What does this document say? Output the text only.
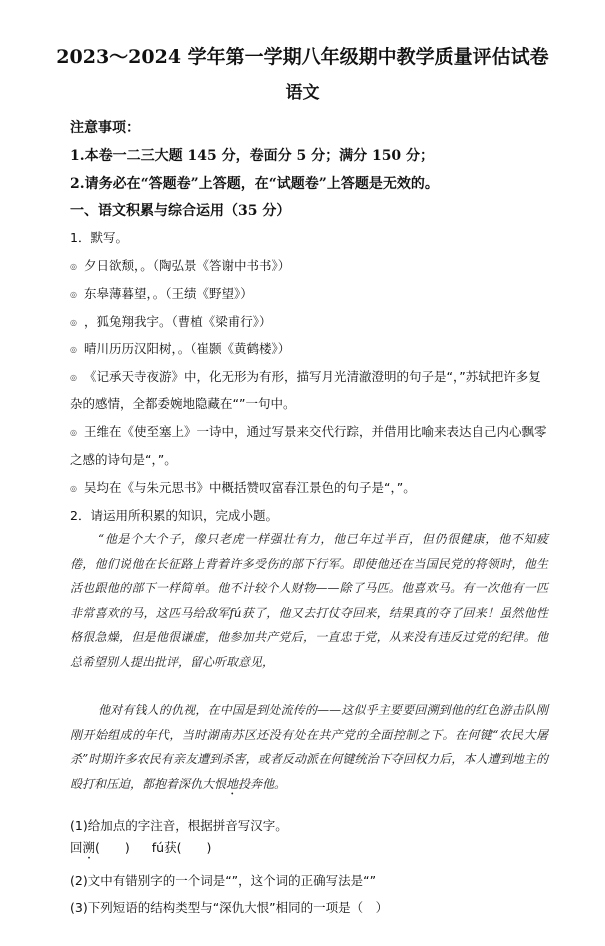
2023～2024 学年第一学期八年级期中教学质量评估试卷
语文
注意事项：
1.本卷一二三大题 145 分，卷面分 5 分；满分 150 分；
2.请务必在“答题卷”上答题，在“试题卷”上答题是无效的。
一、语文积累与综合运用（35 分）
1．默写。
◎ 夕日欲颓，。（陶弘景《答谢中书书》）
◎ 东皋薄暮望，。（王绩《野望》）
◎ ，狐兔翔我宇。（曹植《梁甫行》）
◎ 晴川历历汉阳树，。（崔颢《黄鹤楼》）
◎ 《记承天寺夜游》中，化无形为有形，描写月光清澈澄明的句子是“，”苏轼把许多复
杂的感情，全都委婉地隐藏在“”一句中。
◎ 王维在《使至塞上》一诗中，通过写景来交代行踪，并借用比喻来表达自己内心飘零
之感的诗句是“，”。
◎ 吴均在《与朱元思书》中概括赞叹富春江景色的句子是“，”。
2．请运用所积累的知识，完成小题。
“他是个大个子，像只老虎一样强壮有力，他已年过半百，但仍很健康，他不知疲倦，他们说他在长征路上背着许多受伤的部下行军。即使他还在当国民党的将领时，他生活也跟他的部下一样简单。他不计较个人财物——除了马匹。他喜欢马。有一次他有一匹非常喜欢的马，这匹马给敌军fú获了，他又去打仗夺回来，结果真的夺了回来！虽然他性格很急燥，但是他很谦虚，他参加共产党后，一直忠于党，从来没有违反过党的纪律。他总希望别人提出批评，留心听取意见，
他对有钱人的仇视，在中国是到处流传的——这似乎主要要回溯到他的红色游击队刚刚开始组成的年代，当时湖南苏区还没有处在共产党的全面控制之下。在何键“农民大屠杀”时期许多农民有亲友遭到杀害，或者反动派在何键统治下夺回权力后，本人遭到地主的殴打和压迫，都抱着深仇大恨地投奔他。
(1)给加点的字注音，根据拼音写汉字。
回溯(　　) fú获(　　)
(2)文中有错别字的一个词是“”，这个词的正确写法是“”
(3)下列短语的结构类型与“深仇大恨”相同的一项是（　）
